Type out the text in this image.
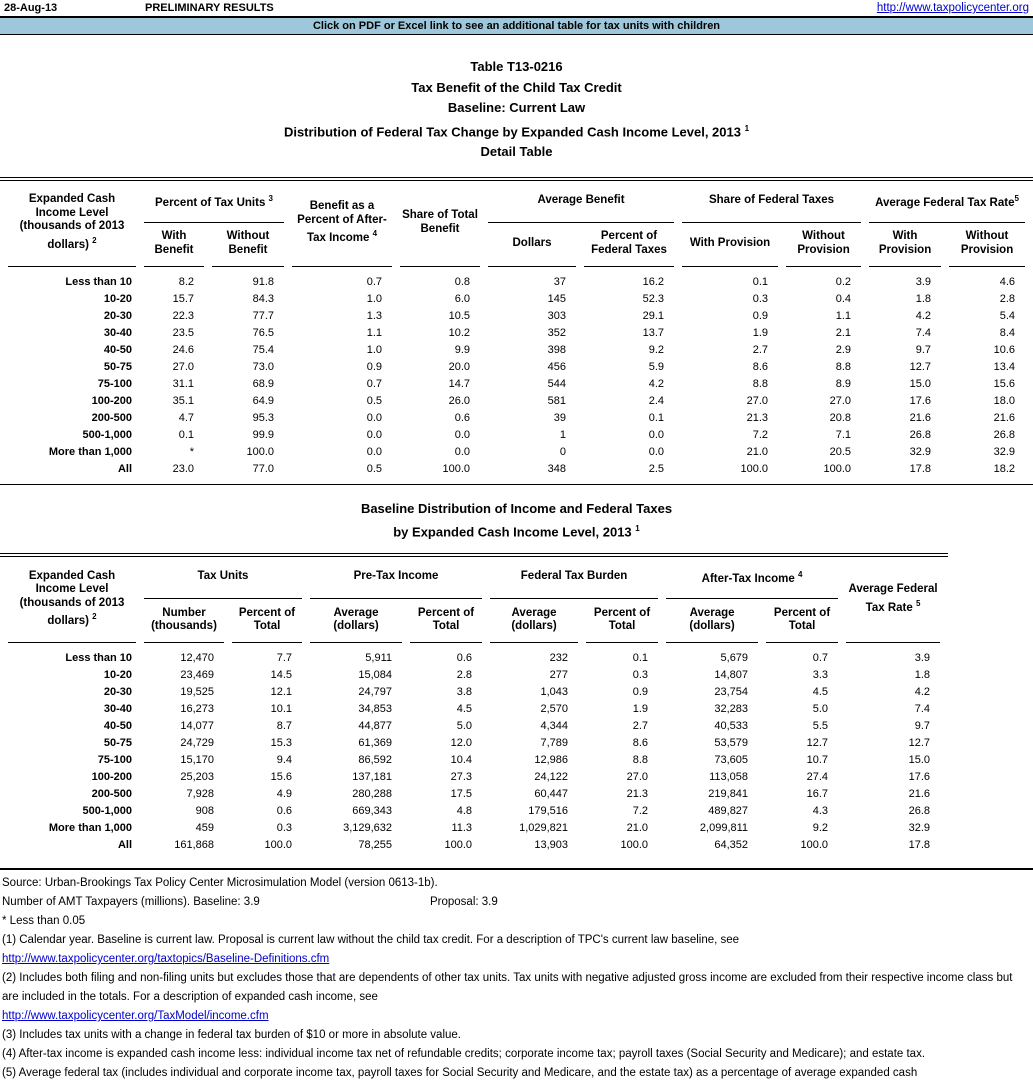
28-Aug-13	PRELIMINARY RESULTS	http://www.taxpolicycenter.org
Click on PDF or Excel link to see an additional table for tax units with children
Table T13-0216
Tax Benefit of the Child Tax Credit
Baseline: Current Law
Distribution of Federal Tax Change by Expanded Cash Income Level, 2013 $^1$
Detail Table
Expanded Cash Income Level (thousands of 2013 dollars) $^2$	Percent of Tax Units $^3$		Benefit as a Percent of After-Tax Income $^4$	Share of Total Benefit	Average Benefit		Share of Federal Taxes		Average Federal Tax Rate$^5$
	With Benefit	Without Benefit			Dollars	Percent of Federal Taxes	With Provision	Without Provision	With Provision	Without Provision
Less than 10	8.2	91.8	0.7	0.8	37	16.2	0.1	0.2	3.9	4.6
10-20	15.7	84.3	1.0	6.0	145	52.3	0.3	0.4	1.8	2.8
20-30	22.3	77.7	1.3	10.5	303	29.1	0.9	1.1	4.2	5.4
30-40	23.5	76.5	1.1	10.2	352	13.7	1.9	2.1	7.4	8.4
40-50	24.6	75.4	1.0	9.9	398	9.2	2.7	2.9	9.7	10.6
50-75	27.0	73.0	0.9	20.0	456	5.9	8.6	8.8	12.7	13.4
75-100	31.1	68.9	0.7	14.7	544	4.2	8.8	8.9	15.0	15.6
100-200	35.1	64.9	0.5	26.0	581	2.4	27.0	27.0	17.6	18.0
200-500	4.7	95.3	0.0	0.6	39	0.1	21.3	20.8	21.6	21.6
500-1,000	0.1	99.9	0.0	0.0	1	0.0	7.2	7.1	26.8	26.8
More than 1,000	*	100.0	0.0	0.0	0	0.0	21.0	20.5	32.9	32.9
All	23.0	77.0	0.5	100.0	348	2.5	100.0	100.0	17.8	18.2
Baseline Distribution of Income and Federal Taxes
by Expanded Cash Income Level, 2013 $^1$
Expanded Cash Income Level (thousands of 2013 dollars) $^2$	Tax Units		Pre-Tax Income		Federal Tax Burden		After-Tax Income $^4$		Average Federal Tax Rate $^5$
	Number (thousands)	Percent of Total	Average (dollars)	Percent of Total	Average (dollars)	Percent of Total	Average (dollars)	Percent of Total	
Less than 10	12,470	7.7	5,911	0.6	232	0.1	5,679	0.7	3.9
10-20	23,469	14.5	15,084	2.8	277	0.3	14,807	3.3	1.8
20-30	19,525	12.1	24,797	3.8	1,043	0.9	23,754	4.5	4.2
30-40	16,273	10.1	34,853	4.5	2,570	1.9	32,283	5.0	7.4
40-50	14,077	8.7	44,877	5.0	4,344	2.7	40,533	5.5	9.7
50-75	24,729	15.3	61,369	12.0	7,789	8.6	53,579	12.7	12.7
75-100	15,170	9.4	86,592	10.4	12,986	8.8	73,605	10.7	15.0
100-200	25,203	15.6	137,181	27.3	24,122	27.0	113,058	27.4	17.6
200-500	7,928	4.9	280,288	17.5	60,447	21.3	219,841	16.7	21.6
500-1,000	908	0.6	669,343	4.8	179,516	7.2	489,827	4.3	26.8
More than 1,000	459	0.3	3,129,632	11.3	1,029,821	21.0	2,099,811	9.2	32.9
All	161,868	100.0	78,255	100.0	13,903	100.0	64,352	100.0	17.8
Source: Urban-Brookings Tax Policy Center Microsimulation Model (version 0613-1b).
Number of AMT Taxpayers (millions). Baseline: 3.9	Proposal: 3.9
* Less than 0.05
(1) Calendar year. Baseline is current law. Proposal is current law without the child tax credit. For a description of TPC's current law baseline, see
http://www.taxpolicycenter.org/taxtopics/Baseline-Definitions.cfm
(2) Includes both filing and non-filing units but excludes those that are dependents of other tax units. Tax units with negative adjusted gross income are excluded from their respective income class but are included in the totals. For a description of expanded cash income, see
http://www.taxpolicycenter.org/TaxModel/income.cfm
(3) Includes tax units with a change in federal tax burden of $10 or more in absolute value.
(4) After-tax income is expanded cash income less: individual income tax net of refundable credits; corporate income tax; payroll taxes (Social Security and Medicare); and estate tax.
(5) Average federal tax (includes individual and corporate income tax, payroll taxes for Social Security and Medicare, and the estate tax) as a percentage of average expanded cash
